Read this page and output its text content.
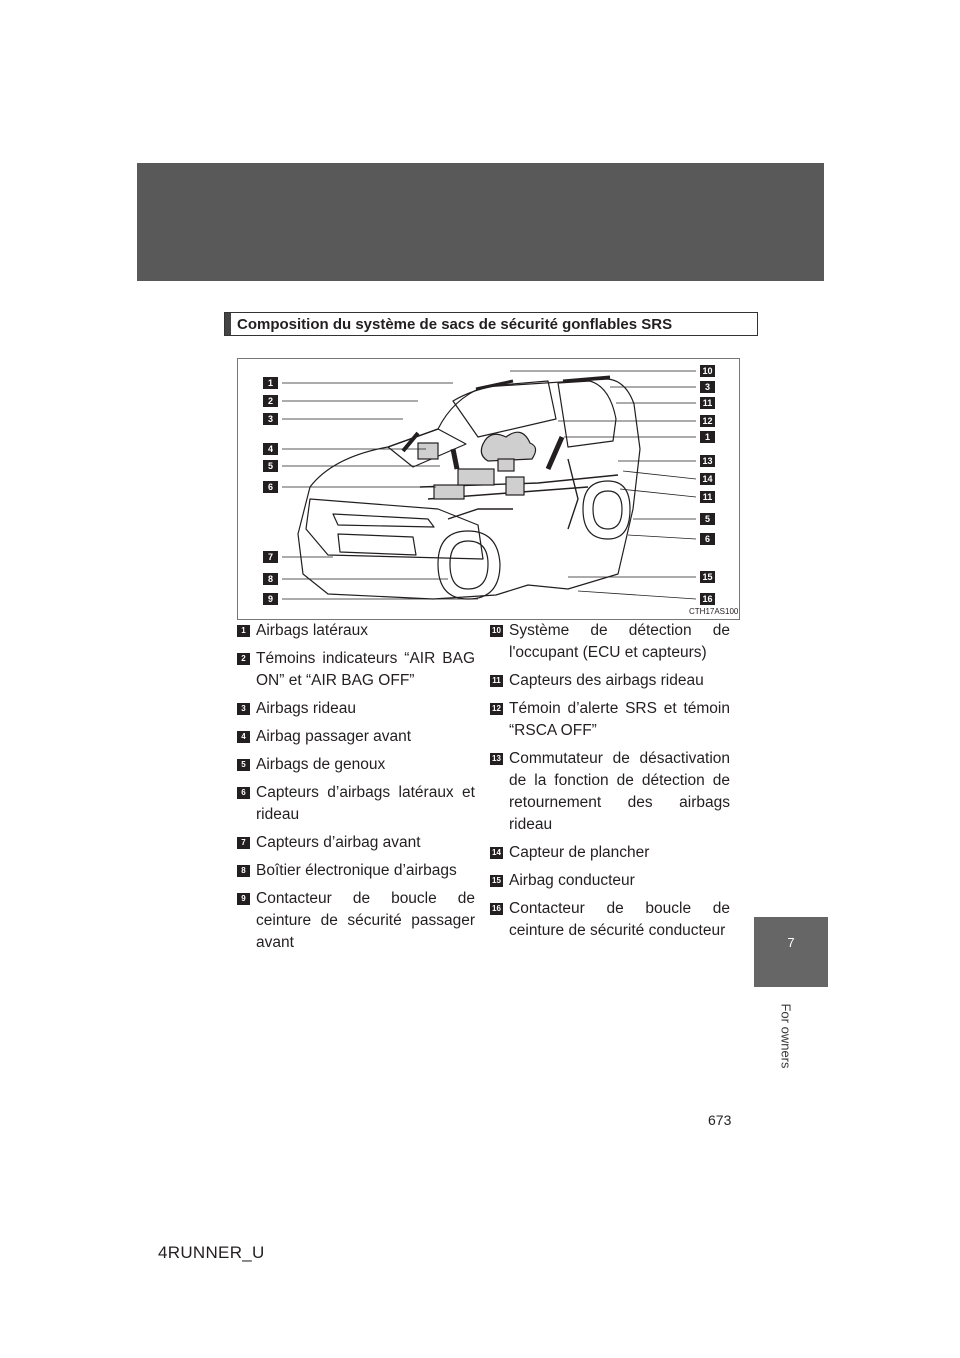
7
For owners
Composition du système de sacs de sécurité gonflables SRS
1
2
3
4
5
6
7
8
9
10
3
11
12
1
13
14
11
5
6
15
16
CTH17AS100
1 Airbags latéraux
2 Témoins indicateurs “AIR BAG ON” et “AIR BAG OFF”
3 Airbags rideau
4 Airbag passager avant
5 Airbags de genoux
6 Capteurs d’airbags latéraux et rideau
7 Capteurs d’airbag avant
8 Boîtier électronique d’airbags
9 Contacteur de boucle de ceinture de sécurité passager avant
10 Système de détection de l'occupant (ECU et capteurs)
11 Capteurs des airbags rideau
12 Témoin d’alerte SRS et témoin “RSCA OFF”
13 Commutateur de désactivation de la fonction de détection de retournement des airbags rideau
14 Capteur de plancher
15 Airbag conducteur
16 Contacteur de boucle de ceinture de sécurité conducteur
673
4RUNNER_U
